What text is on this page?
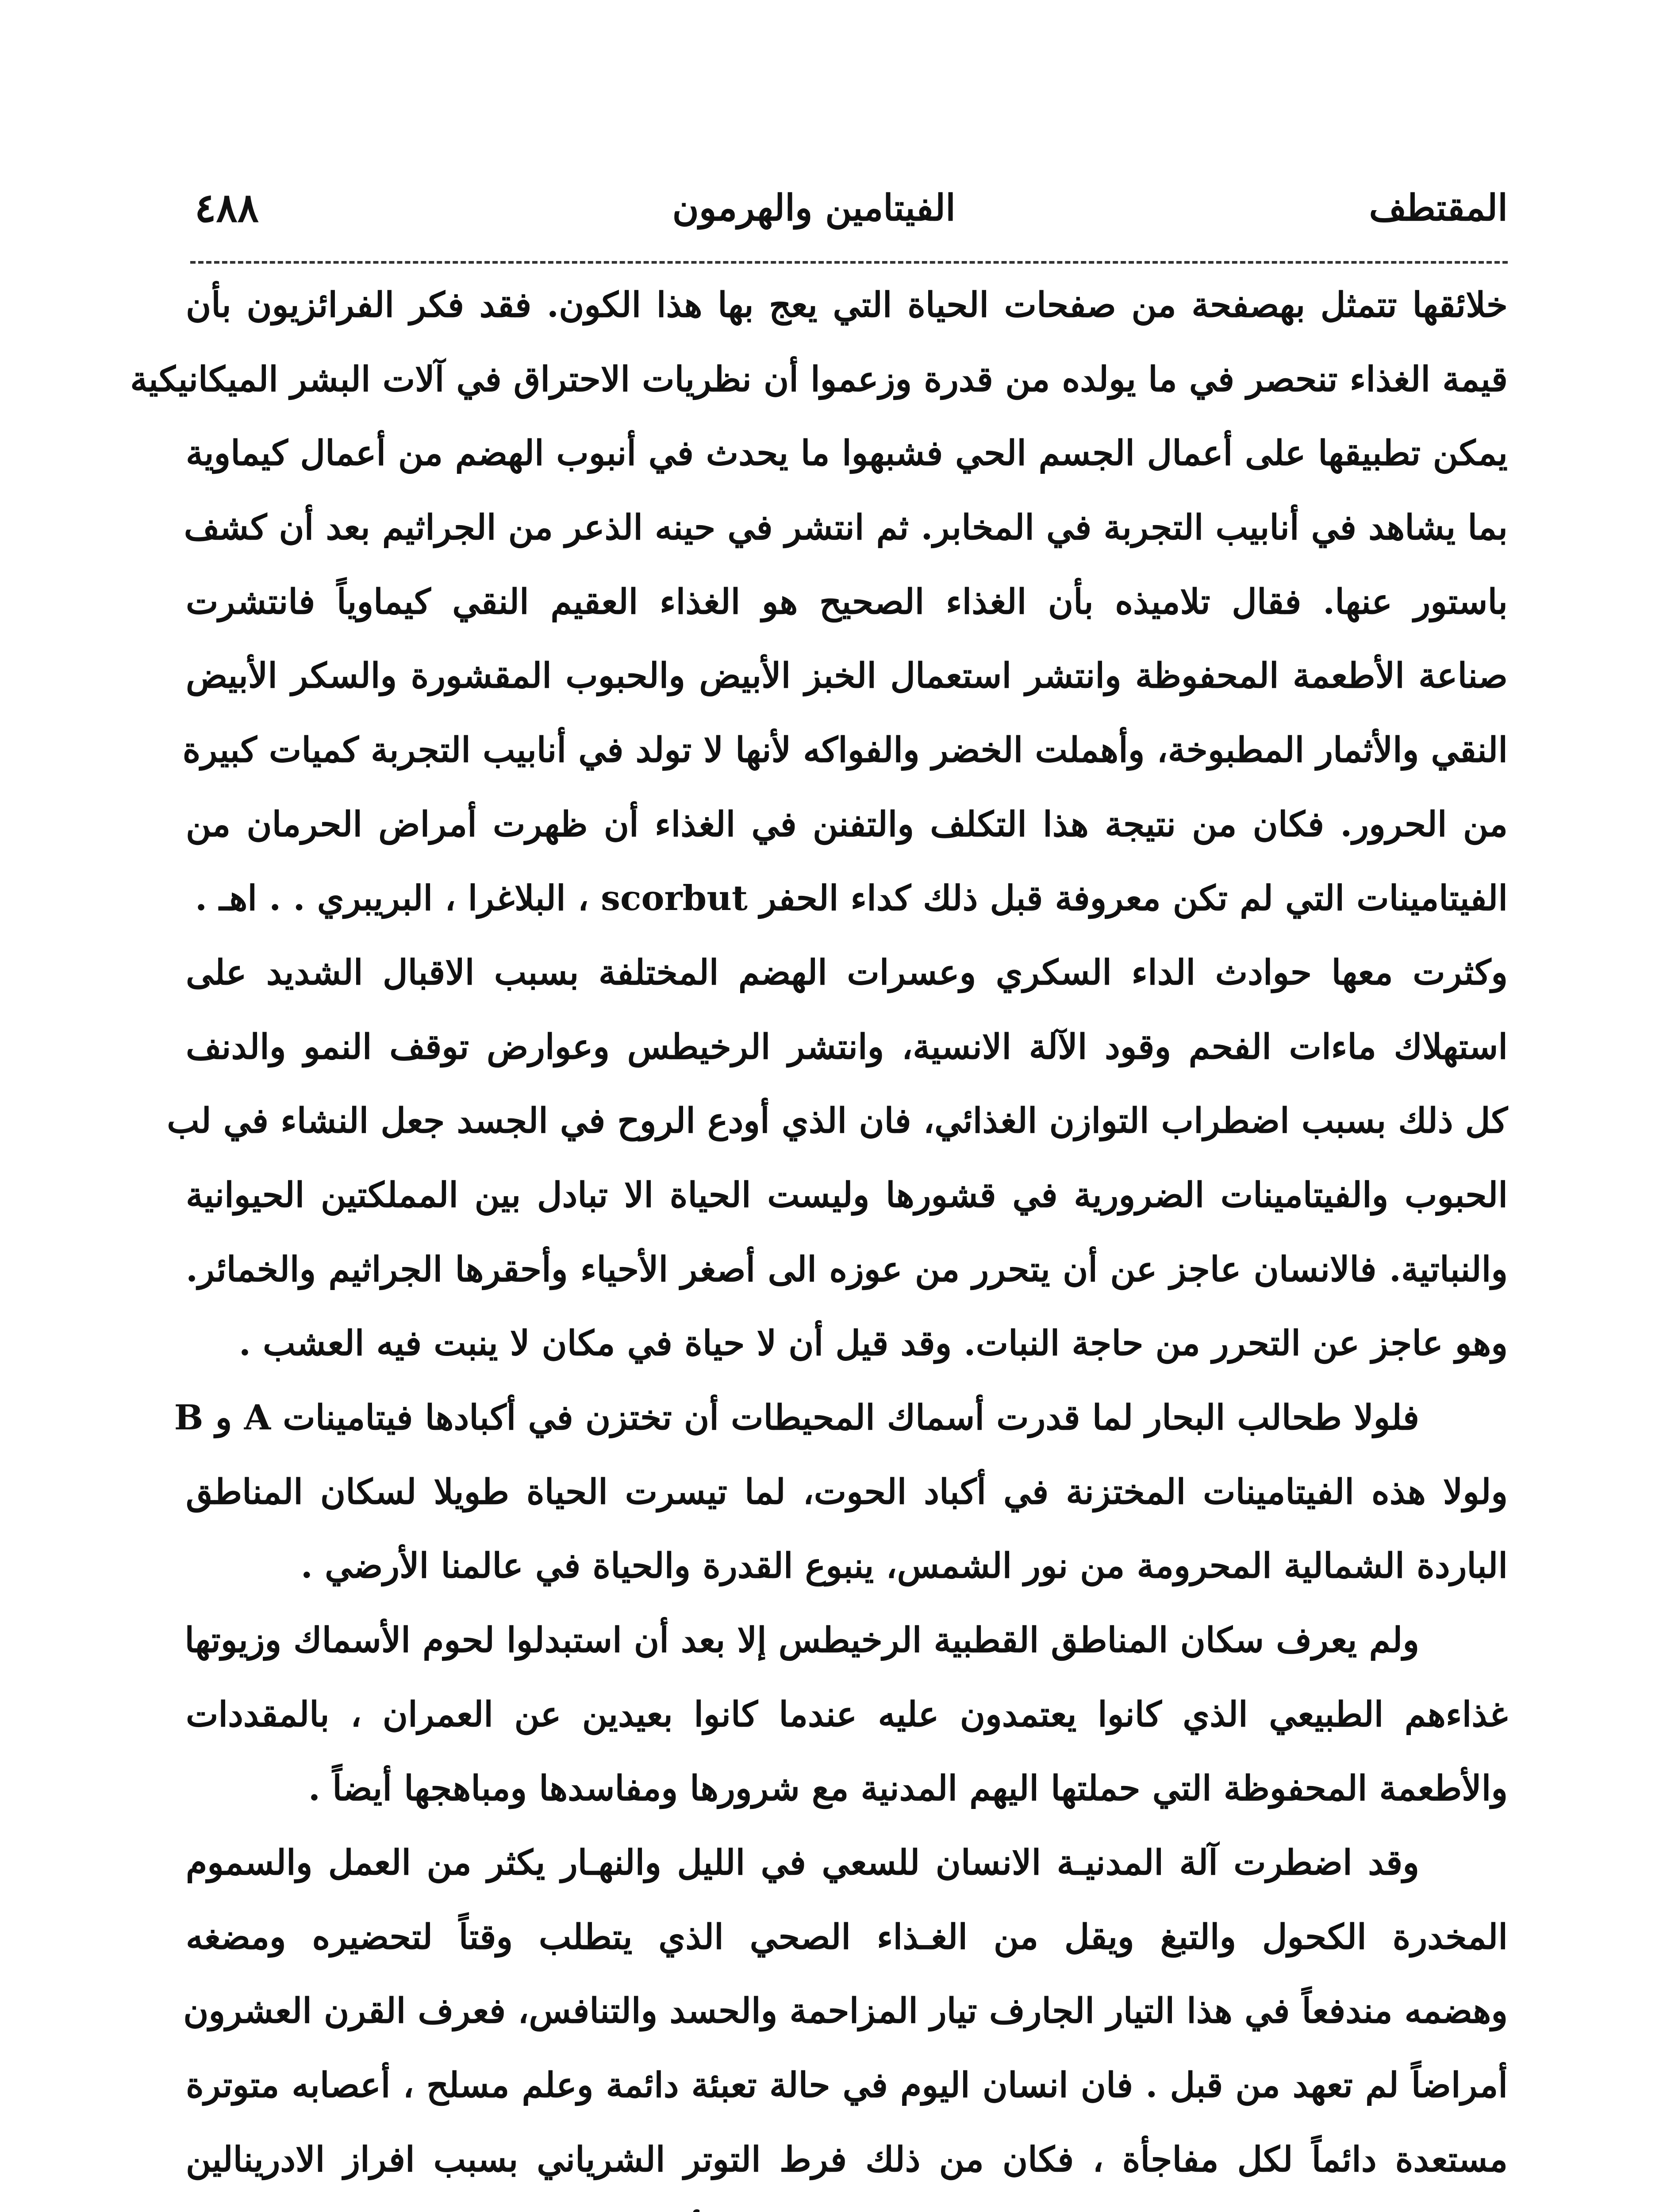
المقتطف
الفيتامين والهرمون
٤٨٨
خلائقها تتمثل بهصفحة من صفحات الحياة التي يعج بها هذا الكون. فقد فكر الفرائزيون بأن
قيمة الغذاء تنحصر في ما يولده من قدرة وزعموا أن نظريات الاحتراق في آلات البشر الميكانيكية
يمكن تطبيقها على أعمال الجسم الحي فشبهوا ما يحدث في أنبوب الهضم من أعمال كيماوية
بما يشاهد في أنابيب التجربة في المخابر. ثم انتشر في حينه الذعر من الجراثيم بعد أن كشف
باستور عنها. فقال تلاميذه بأن الغذاء الصحيح هو الغذاء العقيم النقي كيماوياً فانتشرت
صناعة الأطعمة المحفوظة وانتشر استعمال الخبز الأبيض والحبوب المقشورة والسكر الأبيض
النقي والأثمار المطبوخة، وأهملت الخضر والفواكه لأنها لا تولد في أنابيب التجربة كميات كبيرة
من الحرور. فكان من نتيجة هذا التكلف والتفنن في الغذاء أن ظهرت أمراض الحرمان من
الفيتامينات التي لم تكن معروفة قبل ذلك كداء الحفر scorbut ، البلاغرا ، البريبري . . اهـ .
وكثرت معها حوادث الداء السكري وعسرات الهضم المختلفة بسبب الاقبال الشديد على
استهلاك ماءات الفحم وقود الآلة الانسية، وانتشر الرخيطس وعوارض توقف النمو والدنف
كل ذلك بسبب اضطراب التوازن الغذائي، فان الذي أودع الروح في الجسد جعل النشاء في لب
الحبوب والفيتامينات الضرورية في قشورها وليست الحياة الا تبادل بين المملكتين الحيوانية
والنباتية. فالانسان عاجز عن أن يتحرر من عوزه الى أصغر الأحياء وأحقرها الجراثيم والخمائر.
وهو عاجز عن التحرر من حاجة النبات. وقد قيل أن لا حياة في مكان لا ينبت فيه العشب .
فلولا طحالب البحار لما قدرت أسماك المحيطات أن تختزن في أكبادها فيتامينات A و B
ولولا هذه الفيتامينات المختزنة في أكباد الحوت، لما تيسرت الحياة طويلا لسكان المناطق
الباردة الشمالية المحرومة من نور الشمس، ينبوع القدرة والحياة في عالمنا الأرضي .
ولم يعرف سكان المناطق القطبية الرخيطس إلا بعد أن استبدلوا لحوم الأسماك وزيوتها
غذاءهم الطبيعي الذي كانوا يعتمدون عليه عندما كانوا بعيدين عن العمران ، بالمقددات
والأطعمة المحفوظة التي حملتها اليهم المدنية مع شرورها ومفاسدها ومباهجها أيضاً .
وقد اضطرت آلة المدنيـة الانسان للسعي في الليل والنهـار يكثر من العمل والسموم
المخدرة الكحول والتبغ ويقل من الغـذاء الصحي الذي يتطلب وقتاً لتحضيره ومضغه
وهضمه مندفعاً في هذا التيار الجارف تيار المزاحمة والحسد والتنافس، فعرف القرن العشرون
أمراضاً لم تعهد من قبل . فان انسان اليوم في حالة تعبئة دائمة وعلم مسلح ، أعصابه متوترة
مستعدة دائماً لكل مفاجأة ، فكان من ذلك فرط التوتر الشرياني بسبب افراز الادرينالين
